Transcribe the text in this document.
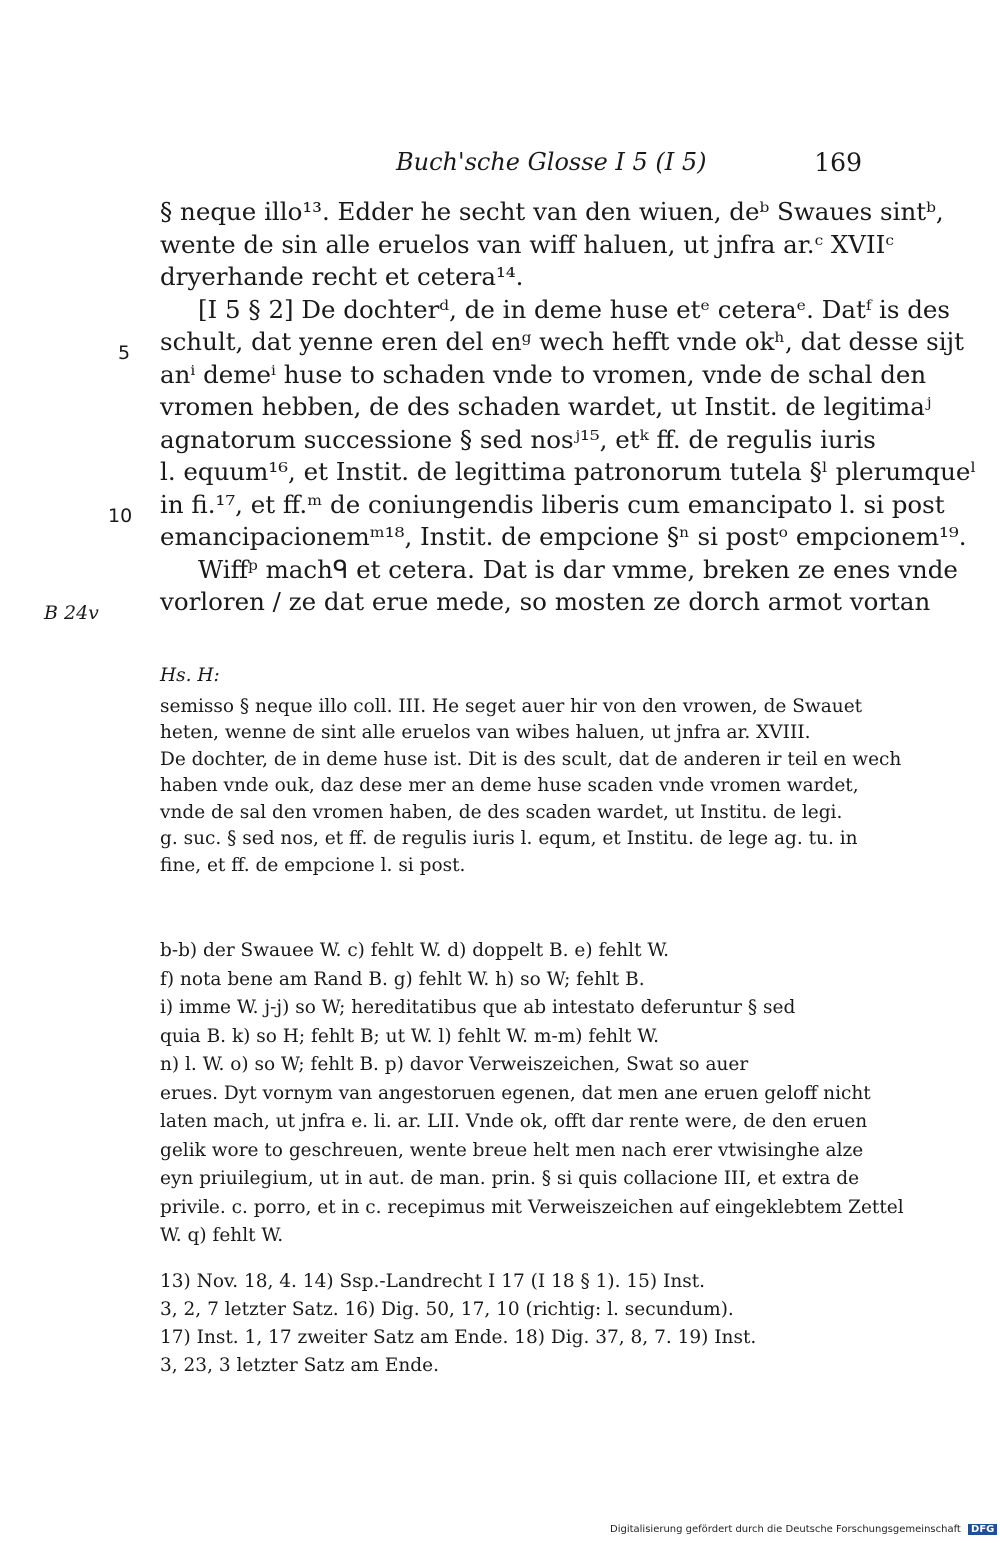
Buch'sche Glosse I 5 (I 5)	169
5
10
B 24v
§ neque illo¹³. Edder he secht van den wiuen, deᵇ Swaues sintᵇ,
wente de sin alle eruelos van wiff haluen, ut jnfra ar.ᶜ XVIIᶜ
dryerhande recht et cetera¹⁴.
[I 5 § 2] De dochterᵈ, de in deme huse etᵉ ceteraᵉ. Datᶠ is des
schult, dat yenne eren del enᵍ wech hefft vnde okʰ, dat desse sijt
anⁱ demeⁱ huse to schaden vnde to vromen, vnde de schal den
vromen hebben, de des schaden wardet, ut Instit. de legitimaʲ
agnatorum successione § sed nosʲ¹⁵, etᵏ ff. de regulis iuris
l. equum¹⁶, et Instit. de legittima patronorum tutela §ˡ plerumqueˡ
in fi.¹⁷, et ff.ᵐ de coniungendis liberis cum emancipato l. si post
emancipacionemᵐ¹⁸, Instit. de empcione §ⁿ si postᵒ empcionem¹⁹.
Wiffᵖ machᑫ et cetera. Dat is dar vmme, breken ze enes vnde
vorloren / ze dat erue mede, so mosten ze dorch armot vortan
Hs. H:
semisso § neque illo coll. III. He seget auer hir von den vrowen, de Swauet
heten, wenne de sint alle eruelos van wibes haluen, ut jnfra ar. XVIII.
De dochter, de in deme huse ist. Dit is des scult, dat de anderen ir teil en wech
haben vnde ouk, daz dese mer an deme huse scaden vnde vromen wardet,
vnde de sal den vromen haben, de des scaden wardet, ut Institu. de legi.
g. suc. § sed nos, et ff. de regulis iuris l. equm, et Institu. de lege ag. tu. in
fine, et ff. de empcione l. si post.
b-b) der Swauee W. c) fehlt W. d) doppelt B. e) fehlt W.
f) nota bene am Rand B. g) fehlt W. h) so W; fehlt B.
i) imme W. j-j) so W; hereditatibus que ab intestato deferuntur § sed
quia B. k) so H; fehlt B; ut W. l) fehlt W. m-m) fehlt W.
n) l. W. o) so W; fehlt B. p) davor Verweiszeichen, Swat so auer
erues. Dyt vornym van angestoruen egenen, dat men ane eruen geloff nicht
laten mach, ut jnfra e. li. ar. LII. Vnde ok, offt dar rente were, de den eruen
gelik wore to geschreuen, wente breue helt men nach erer vtwisinghe alze
eyn priuilegium, ut in aut. de man. prin. § si quis collacione III, et extra de
privile. c. porro, et in c. recepimus mit Verweiszeichen auf eingeklebtem Zettel
W. q) fehlt W.
13) Nov. 18, 4. 14) Ssp.-Landrecht I 17 (I 18 § 1). 15) Inst.
3, 2, 7 letzter Satz. 16) Dig. 50, 17, 10 (richtig: l. secundum).
17) Inst. 1, 17 zweiter Satz am Ende. 18) Dig. 37, 8, 7. 19) Inst.
3, 23, 3 letzter Satz am Ende.
Digitalisierung gefördert durch die Deutsche Forschungsgemeinschaft DFG
